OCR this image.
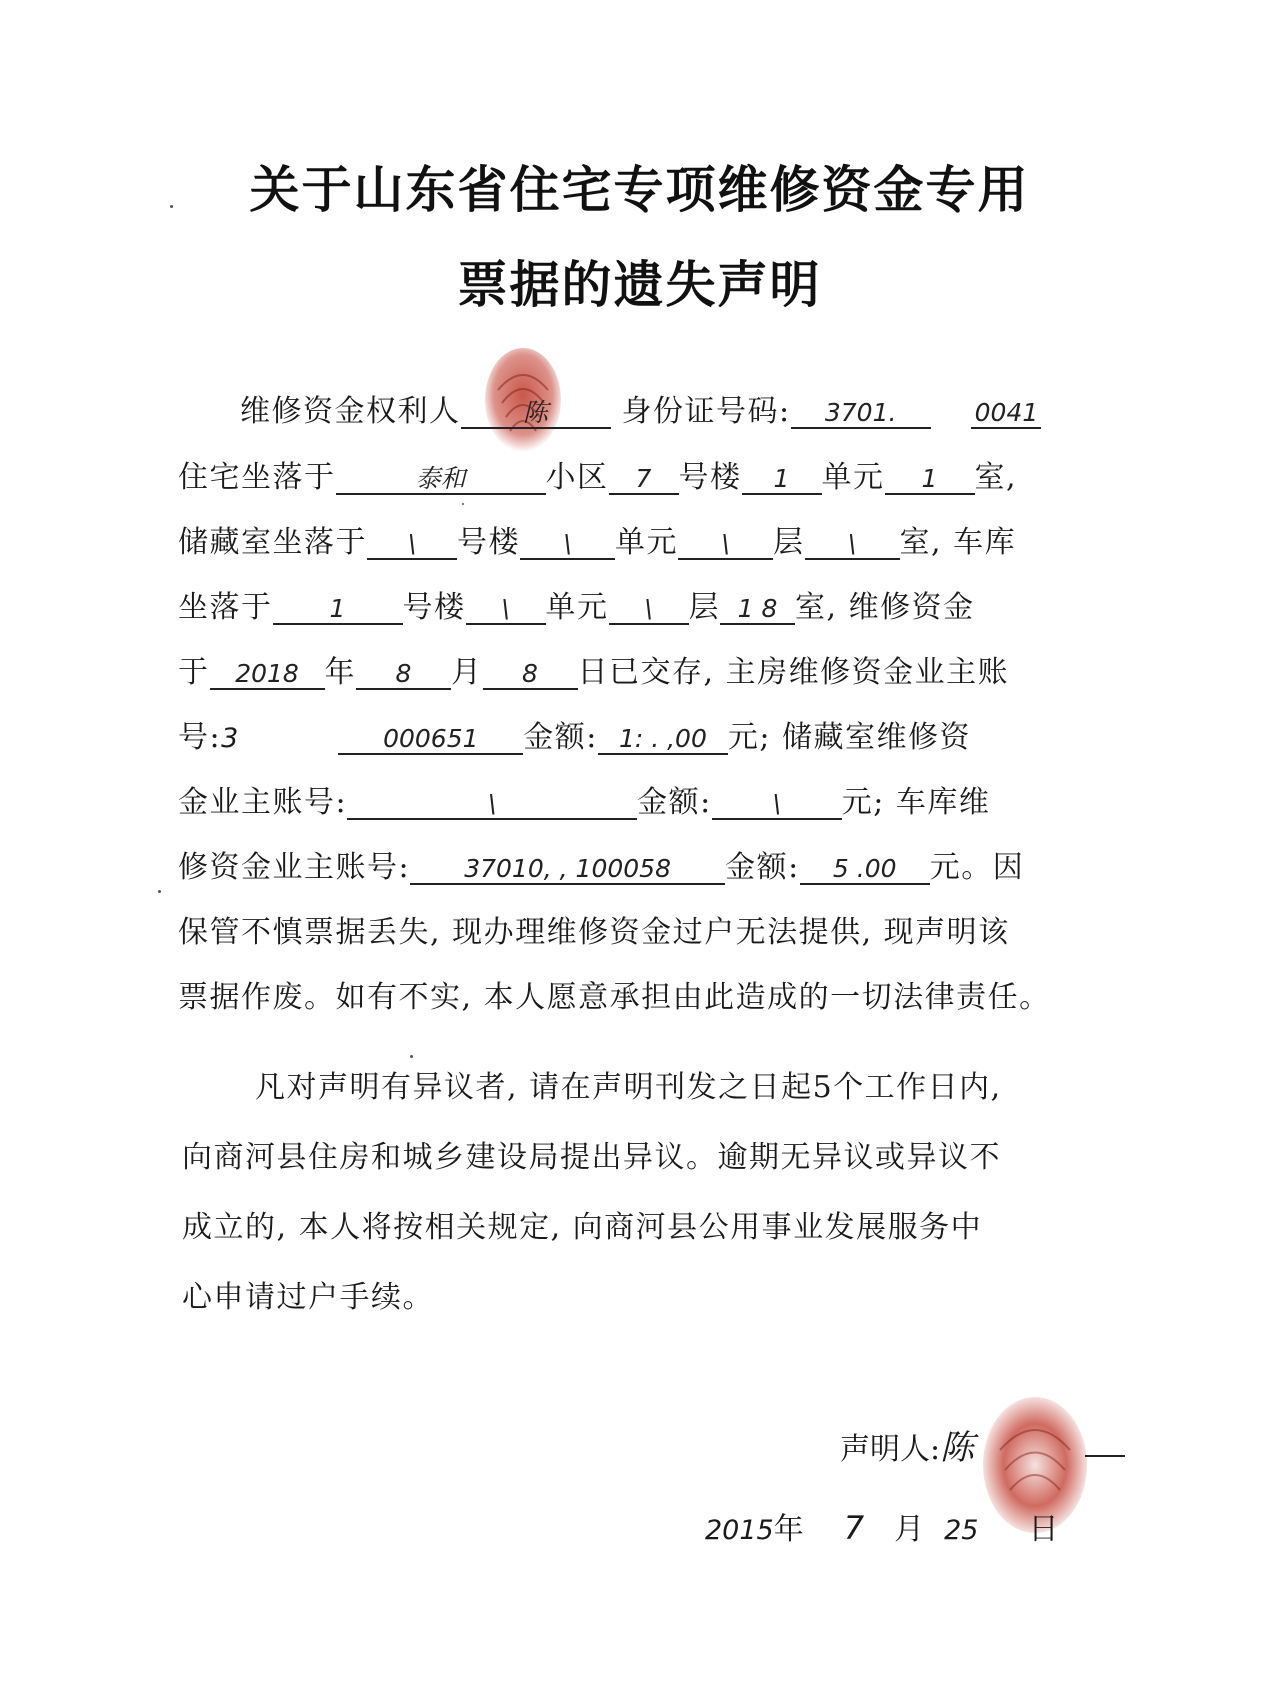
关于山东省住宅专项维修资金专用
票据的遗失声明
维修资金权利人 陈 身份证号码: 3701.	0041
住宅坐落于	泰和	小区 7 号楼 1 单元 1 室,
储藏室坐落于 \ 号楼 \ 单元 \ 层 \ 室, 车库
坐落于 1 号楼 \ 单元 \ 层 1 8 室, 维修资金
于 2018 年 8 月 8 日已交存, 主房维修资金业主账
号:3	000651 金额: 1: . ,00 元; 储藏室维修资
金业主账号:	\	金额: \ 元; 车库维
修资金业主账号: 37010, , 100058 金额: 5 .00 元。因
保管不慎票据丢失, 现办理维修资金过户无法提供, 现声明该
票据作废。如有不实, 本人愿意承担由此造成的一切法律责任。
凡对声明有异议者, 请在声明刊发之日起5个工作日内,
向商河县住房和城乡建设局提出异议。逾期无异议或异议不
成立的, 本人将按相关规定, 向商河县公用事业发展服务中
心申请过户手续。
声明人:陈
2015年 7 月 25 日
